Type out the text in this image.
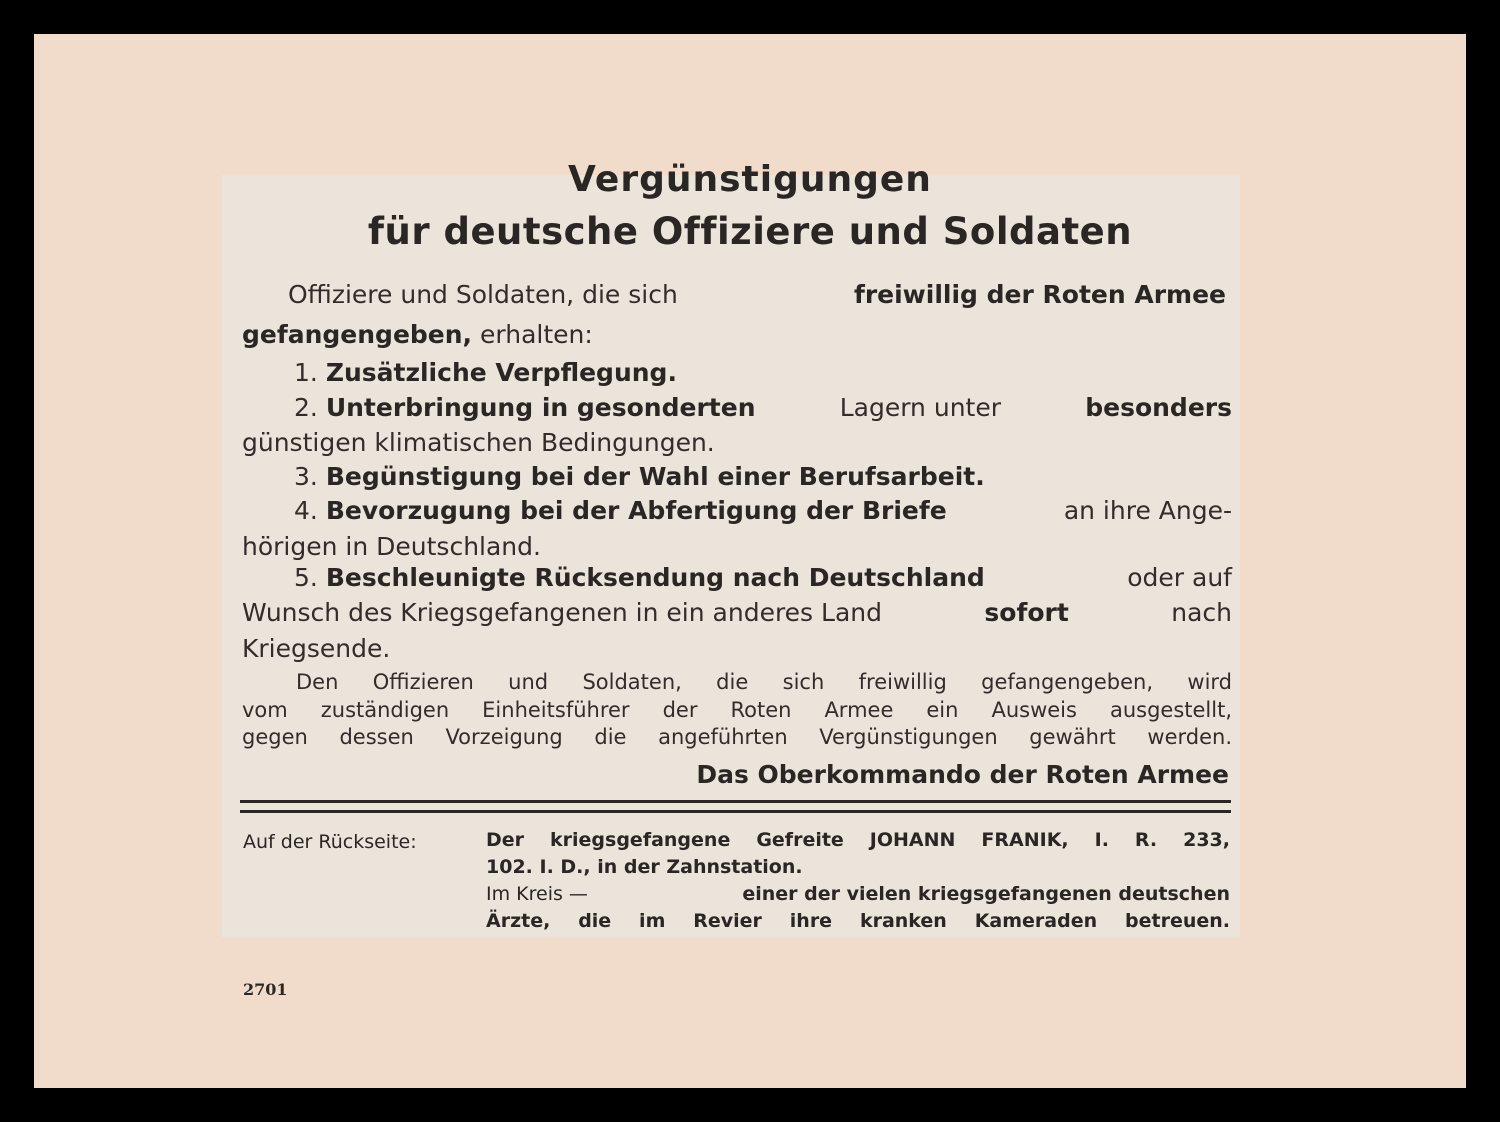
Vergünstigungen
für deutsche Offiziere und Soldaten
Offiziere und Soldaten, die sich	freiwillig der Roten Armee
gefangengeben, erhalten:
1. Zusätzliche Verpflegung.
2. Unterbringung in gesonderten	Lagern unter	besonders
günstigen klimatischen Bedingungen.
3. Begünstigung bei der Wahl einer Berufsarbeit.
4. Bevorzugung bei der Abfertigung der Briefe	an ihre Ange-
hörigen in Deutschland.
5. Beschleunigte Rücksendung nach Deutschland	oder auf
Wunsch des Kriegsgefangenen in ein anderes Land	sofort	nach
Kriegsende.
Den Offizieren und Soldaten, die sich freiwillig gefangengeben, wird
vom zuständigen Einheitsführer der Roten Armee ein Ausweis ausgestellt,
gegen dessen Vorzeigung die angeführten Vergünstigungen gewährt werden.
Das Oberkommando der Roten Armee
Auf der Rückseite:	Der kriegsgefangene Gefreite JOHANN FRANIK, I. R. 233,
102. I. D., in der Zahnstation.
Im Kreis —	einer der vielen kriegsgefangenen deutschen
Ärzte, die im Revier ihre kranken Kameraden betreuen.
2701
